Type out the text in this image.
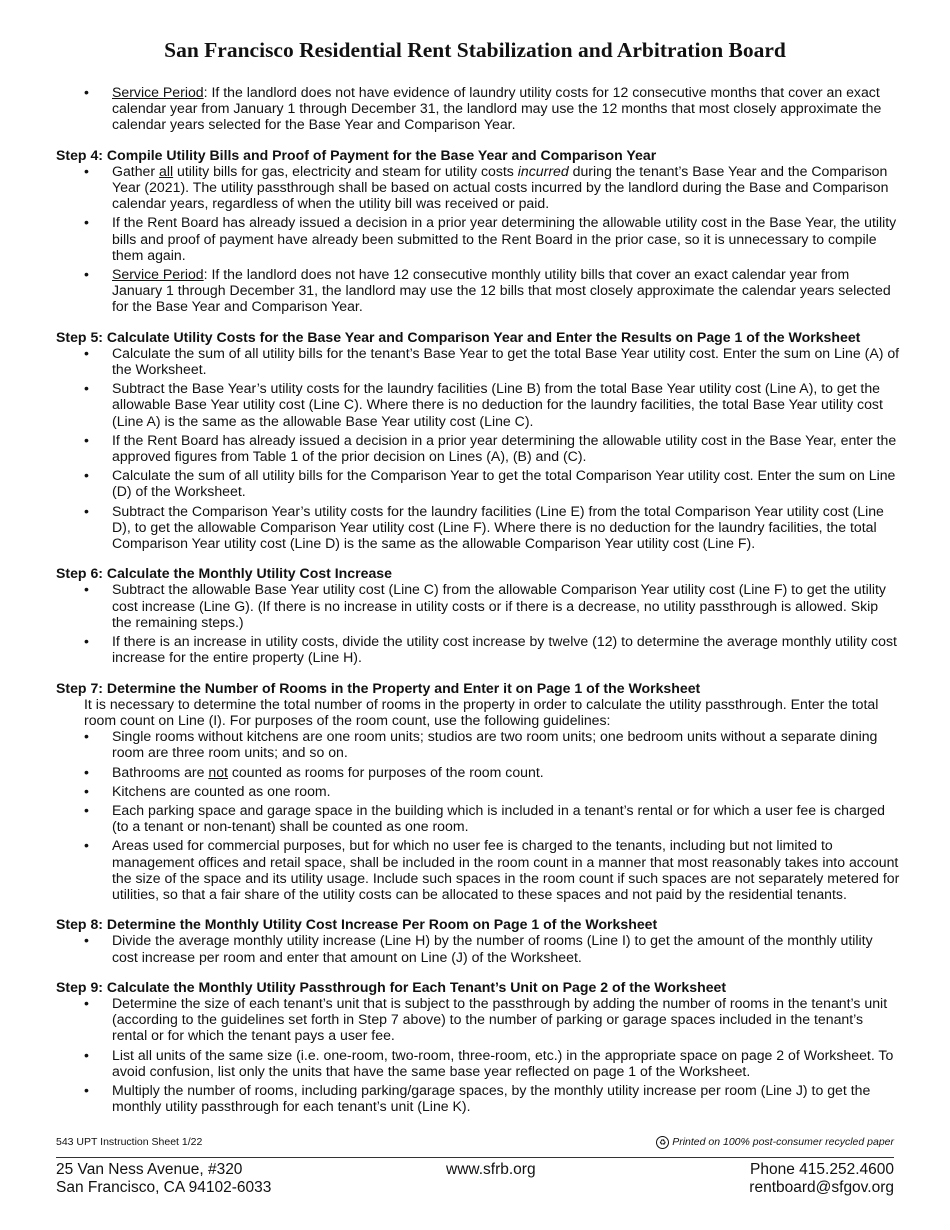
San Francisco Residential Rent Stabilization and Arbitration Board
• Service Period: If the landlord does not have evidence of laundry utility costs for 12 consecutive months that cover an exact calendar year from January 1 through December 31, the landlord may use the 12 months that most closely approximate the calendar years selected for the Base Year and Comparison Year.

Step 4: Compile Utility Bills and Proof of Payment for the Base Year and Comparison Year

• Gather all utility bills for gas, electricity and steam for utility costs incurred during the tenant’s Base Year and the Comparison Year (2021). The utility passthrough shall be based on actual costs incurred by the landlord during the Base and Comparison calendar years, regardless of when the utility bill was received or paid.
• If the Rent Board has already issued a decision in a prior year determining the allowable utility cost in the Base Year, the utility bills and proof of payment have already been submitted to the Rent Board in the prior case, so it is unnecessary to compile them again.
• Service Period: If the landlord does not have 12 consecutive monthly utility bills that cover an exact calendar year from January 1 through December 31, the landlord may use the 12 bills that most closely approximate the calendar years selected for the Base Year and Comparison Year.

Step 5: Calculate Utility Costs for the Base Year and Comparison Year and Enter the Results on Page 1 of the Worksheet

• Calculate the sum of all utility bills for the tenant’s Base Year to get the total Base Year utility cost. Enter the sum on Line (A) of the Worksheet.
• Subtract the Base Year’s utility costs for the laundry facilities (Line B) from the total Base Year utility cost (Line A), to get the allowable Base Year utility cost (Line C). Where there is no deduction for the laundry facilities, the total Base Year utility cost (Line A) is the same as the allowable Base Year utility cost (Line C).
• If the Rent Board has already issued a decision in a prior year determining the allowable utility cost in the Base Year, enter the approved figures from Table 1 of the prior decision on Lines (A), (B) and (C).
• Calculate the sum of all utility bills for the Comparison Year to get the total Comparison Year utility cost. Enter the sum on Line (D) of the Worksheet.
• Subtract the Comparison Year’s utility costs for the laundry facilities (Line E) from the total Comparison Year utility cost (Line D), to get the allowable Comparison Year utility cost (Line F). Where there is no deduction for the laundry facilities, the total Comparison Year utility cost (Line D) is the same as the allowable Comparison Year utility cost (Line F).

Step 6: Calculate the Monthly Utility Cost Increase

• Subtract the allowable Base Year utility cost (Line C) from the allowable Comparison Year utility cost (Line F) to get the utility cost increase (Line G). (If there is no increase in utility costs or if there is a decrease, no utility passthrough is allowed. Skip the remaining steps.)
• If there is an increase in utility costs, divide the utility cost increase by twelve (12) to determine the average monthly utility cost increase for the entire property (Line H).

Step 7: Determine the Number of Rooms in the Property and Enter it on Page 1 of the Worksheet

It is necessary to determine the total number of rooms in the property in order to calculate the utility passthrough. Enter the total room count on Line (I). For purposes of the room count, use the following guidelines:

• Single rooms without kitchens are one room units; studios are two room units; one bedroom units without a separate dining room are three room units; and so on.
• Bathrooms are not counted as rooms for purposes of the room count.
• Kitchens are counted as one room.
• Each parking space and garage space in the building which is included in a tenant’s rental or for which a user fee is charged (to a tenant or non-tenant) shall be counted as one room.
• Areas used for commercial purposes, but for which no user fee is charged to the tenants, including but not limited to management offices and retail space, shall be included in the room count in a manner that most reasonably takes into account the size of the space and its utility usage. Include such spaces in the room count if such spaces are not separately metered for utilities, so that a fair share of the utility costs can be allocated to these spaces and not paid by the residential tenants.

Step 8: Determine the Monthly Utility Cost Increase Per Room on Page 1 of the Worksheet

• Divide the average monthly utility increase (Line H) by the number of rooms (Line I) to get the amount of the monthly utility cost increase per room and enter that amount on Line (J) of the Worksheet.

Step 9: Calculate the Monthly Utility Passthrough for Each Tenant’s Unit on Page 2 of the Worksheet

• Determine the size of each tenant’s unit that is subject to the passthrough by adding the number of rooms in the tenant’s unit (according to the guidelines set forth in Step 7 above) to the number of parking or garage spaces included in the tenant’s rental or for which the tenant pays a user fee.
• List all units of the same size (i.e. one-room, two-room, three-room, etc.) in the appropriate space on page 2 of Worksheet. To avoid confusion, list only the units that have the same base year reflected on page 1 of the Worksheet.
• Multiply the number of rooms, including parking/garage spaces, by the monthly utility increase per room (Line J) to get the monthly utility passthrough for each tenant’s unit (Line K).
543 UPT Instruction Sheet 1/22	♻ Printed on 100% post-consumer recycled paper
25 Van Ness Avenue, #320
San Francisco, CA 94102-6033
www.sfrb.org	Phone 415.252.4600
rentboard@sfgov.org
